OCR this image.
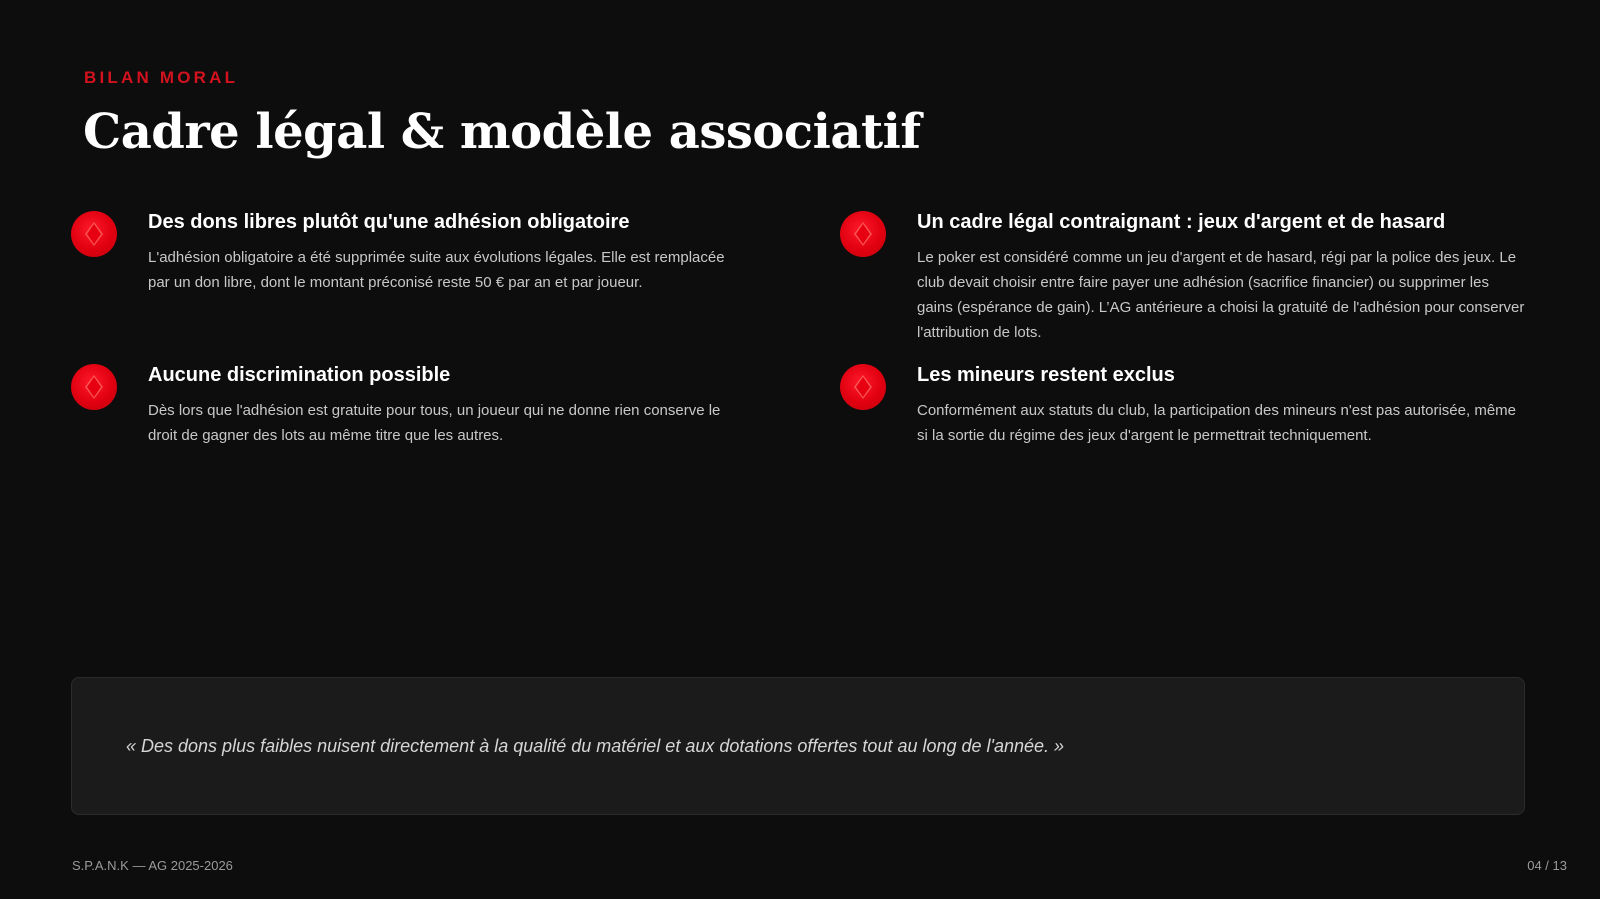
BILAN MORAL
Cadre légal & modèle associatif

Des dons libres plutôt qu'une adhésion obligatoire

L'adhésion obligatoire a été supprimée suite aux évolutions légales. Elle est remplacée par un don libre, dont le montant préconisé reste 50 € par an et par joueur.

Un cadre légal contraignant : jeux d'argent et de hasard

Le poker est considéré comme un jeu d'argent et de hasard, régi par la police des jeux. Le club devait choisir entre faire payer une adhésion (sacrifice financier) ou supprimer les gains (espérance de gain). L’AG antérieure a choisi la gratuité de l'adhésion pour conserver l'attribution de lots.

Aucune discrimination possible

Dès lors que l'adhésion est gratuite pour tous, un joueur qui ne donne rien conserve le droit de gagner des lots au même titre que les autres.

Les mineurs restent exclus

Conformément aux statuts du club, la participation des mineurs n'est pas autorisée, même si la sortie du régime des jeux d'argent le permettrait techniquement.

« Des dons plus faibles nuisent directement à la qualité du matériel et aux dotations offertes tout au long de l'année. »
S.P.A.N.K — AG 2025-2026	04 / 13
